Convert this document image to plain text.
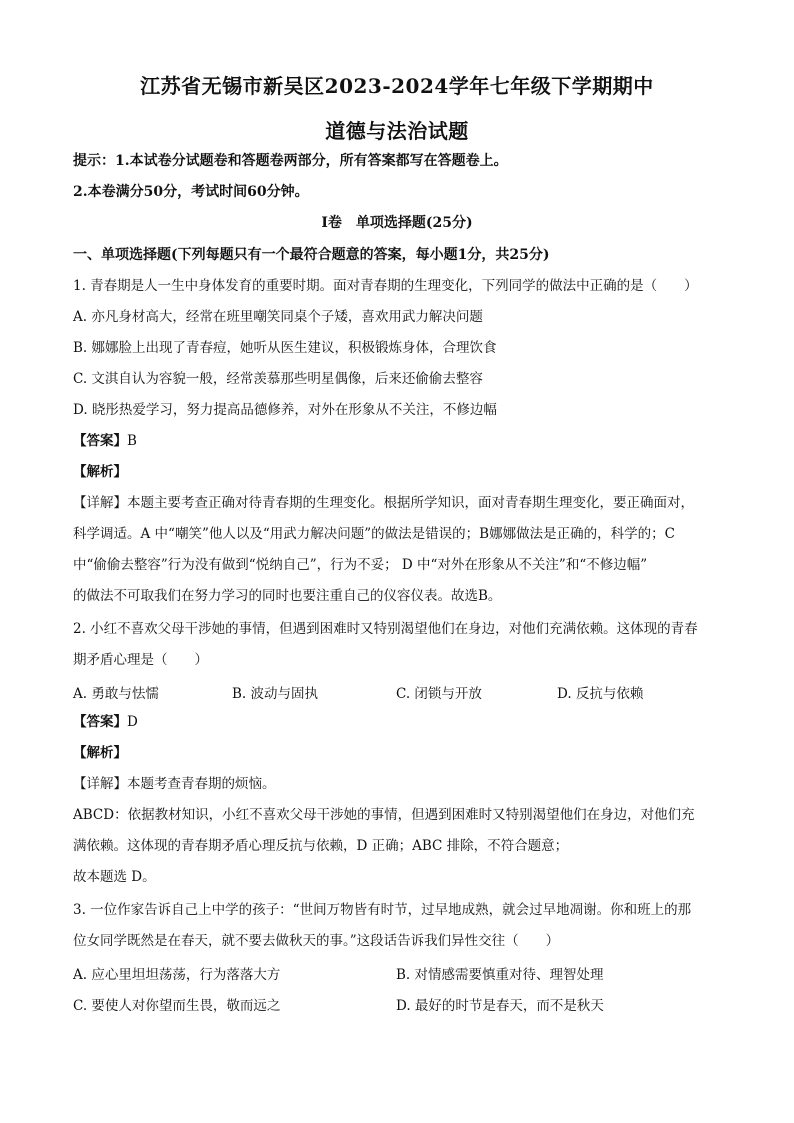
江苏省无锡市新吴区2023-2024学年七年级下学期期中
道德与法治试题
提示：1.本试卷分试题卷和答题卷两部分，所有答案都写在答题卷上。
2.本卷满分50分，考试时间60分钟。
Ⅰ卷　单项选择题(25分)
一、单项选择题(下列每题只有一个最符合题意的答案，每小题1分，共25分)
1. 青春期是人一生中身体发育的重要时期。面对青春期的生理变化，下列同学的做法中正确的是（　　）
A. 亦凡身材高大，经常在班里嘲笑同桌个子矮，喜欢用武力解决问题
B. 娜娜脸上出现了青春痘，她听从医生建议，积极锻炼身体，合理饮食
C. 文淇自认为容貌一般，经常羡慕那些明星偶像，后来还偷偷去整容
D. 晓彤热爱学习，努力提高品德修养，对外在形象从不关注，不修边幅
【答案】B
【解析】
【详解】本题主要考查正确对待青春期的生理变化。根据所学知识，面对青春期生理变化，要正确面对，
科学调适。A 中“嘲笑”他人以及“用武力解决问题”的做法是错误的；B娜娜做法是正确的，科学的；C
中“偷偷去整容”行为没有做到“悦纳自己”，行为不妥； D 中“对外在形象从不关注”和“不修边幅”
的做法不可取我们在努力学习的同时也要注重自己的仪容仪表。故选B。
2. 小红不喜欢父母干涉她的事情，但遇到困难时又特别渴望他们在身边，对他们充满依赖。这体现的青春
期矛盾心理是（　　）
A. 勇敢与怯懦	B. 波动与固执	C. 闭锁与开放	D. 反抗与依赖
【答案】D
【解析】
【详解】本题考查青春期的烦恼。
ABCD：依据教材知识，小红不喜欢父母干涉她的事情，但遇到困难时又特别渴望他们在身边，对他们充
满依赖。这体现的青春期矛盾心理反抗与依赖，D 正确；ABC 排除，不符合题意；
故本题选 D。
3. 一位作家告诉自己上中学的孩子：“世间万物皆有时节，过早地成熟，就会过早地凋谢。你和班上的那
位女同学既然是在春天，就不要去做秋天的事。”这段话告诉我们异性交往（　　）
A. 应心里坦坦荡荡，行为落落大方	B. 对情感需要慎重对待、理智处理
C. 要使人对你望而生畏，敬而远之	D. 最好的时节是春天，而不是秋天
